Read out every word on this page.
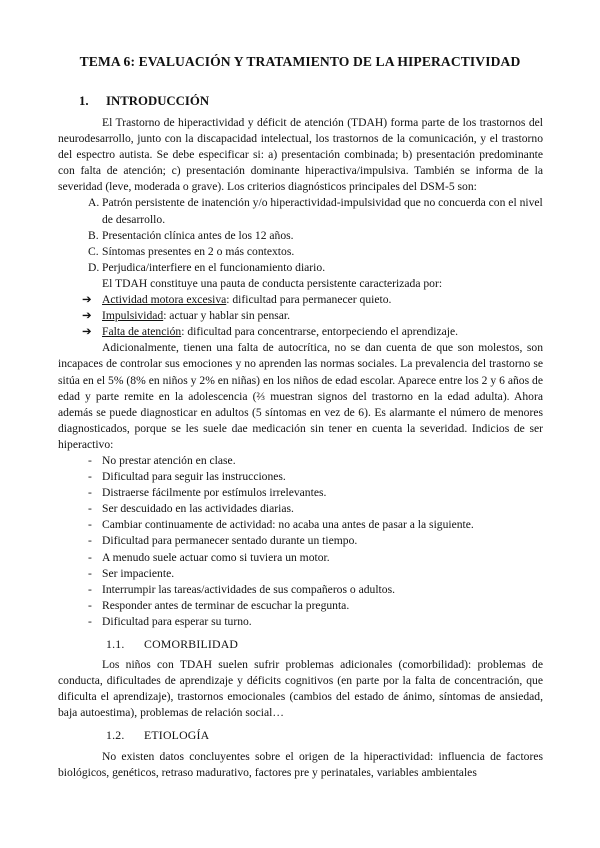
TEMA 6: EVALUACIÓN Y TRATAMIENTO DE LA HIPERACTIVIDAD
1. INTRODUCCIÓN

El Trastorno de hiperactividad y déficit de atención (TDAH) forma parte de los trastornos del neurodesarrollo, junto con la discapacidad intelectual, los trastornos de la comunicación, y el trastorno del espectro autista. Se debe especificar si: a) presentación combinada; b) presentación predominante con falta de atención; c) presentación dominante hiperactiva/impulsiva. También se informa de la severidad (leve, moderada o grave). Los criterios diagnósticos principales del DSM-5 son:

A. Patrón persistente de inatención y/o hiperactividad-impulsividad que no concuerda con el nivel de desarrollo.
B. Presentación clínica antes de los 12 años.
C. Síntomas presentes en 2 o más contextos.
D. Perjudica/interfiere en el funcionamiento diario.

El TDAH constituye una pauta de conducta persistente caracterizada por:

➔ Actividad motora excesiva: dificultad para permanecer quieto.
➔ Impulsividad: actuar y hablar sin pensar.
➔ Falta de atención: dificultad para concentrarse, entorpeciendo el aprendizaje.

Adicionalmente, tienen una falta de autocrítica, no se dan cuenta de que son molestos, son incapaces de controlar sus emociones y no aprenden las normas sociales. La prevalencia del trastorno se sitúa en el 5% (8% en niños y 2% en niñas) en los niños de edad escolar. Aparece entre los 2 y 6 años de edad y parte remite en la adolescencia (⅔ muestran signos del trastorno en la edad adulta). Ahora además se puede diagnosticar en adultos (5 síntomas en vez de 6). Es alarmante el número de menores diagnosticados, porque se les suele dae medicación sin tener en cuenta la severidad. Indicios de ser hiperactivo:

- No prestar atención en clase.
- Dificultad para seguir las instrucciones.
- Distraerse fácilmente por estímulos irrelevantes.
- Ser descuidado en las actividades diarias.
- Cambiar continuamente de actividad: no acaba una antes de pasar a la siguiente.
- Dificultad para permanecer sentado durante un tiempo.
- A menudo suele actuar como si tuviera un motor.
- Ser impaciente.
- Interrumpir las tareas/actividades de sus compañeros o adultos.
- Responder antes de terminar de escuchar la pregunta.
- Dificultad para esperar su turno.
1.1. COMORBILIDAD

Los niños con TDAH suelen sufrir problemas adicionales (comorbilidad): problemas de conducta, dificultades de aprendizaje y déficits cognitivos (en parte por la falta de concentración, que dificulta el aprendizaje), trastornos emocionales (cambios del estado de ánimo, síntomas de ansiedad, baja autoestima), problemas de relación social…

1.2. ETIOLOGÍA

No existen datos concluyentes sobre el origen de la hiperactividad: influencia de factores biológicos, genéticos, retraso madurativo, factores pre y perinatales, variables ambientales
